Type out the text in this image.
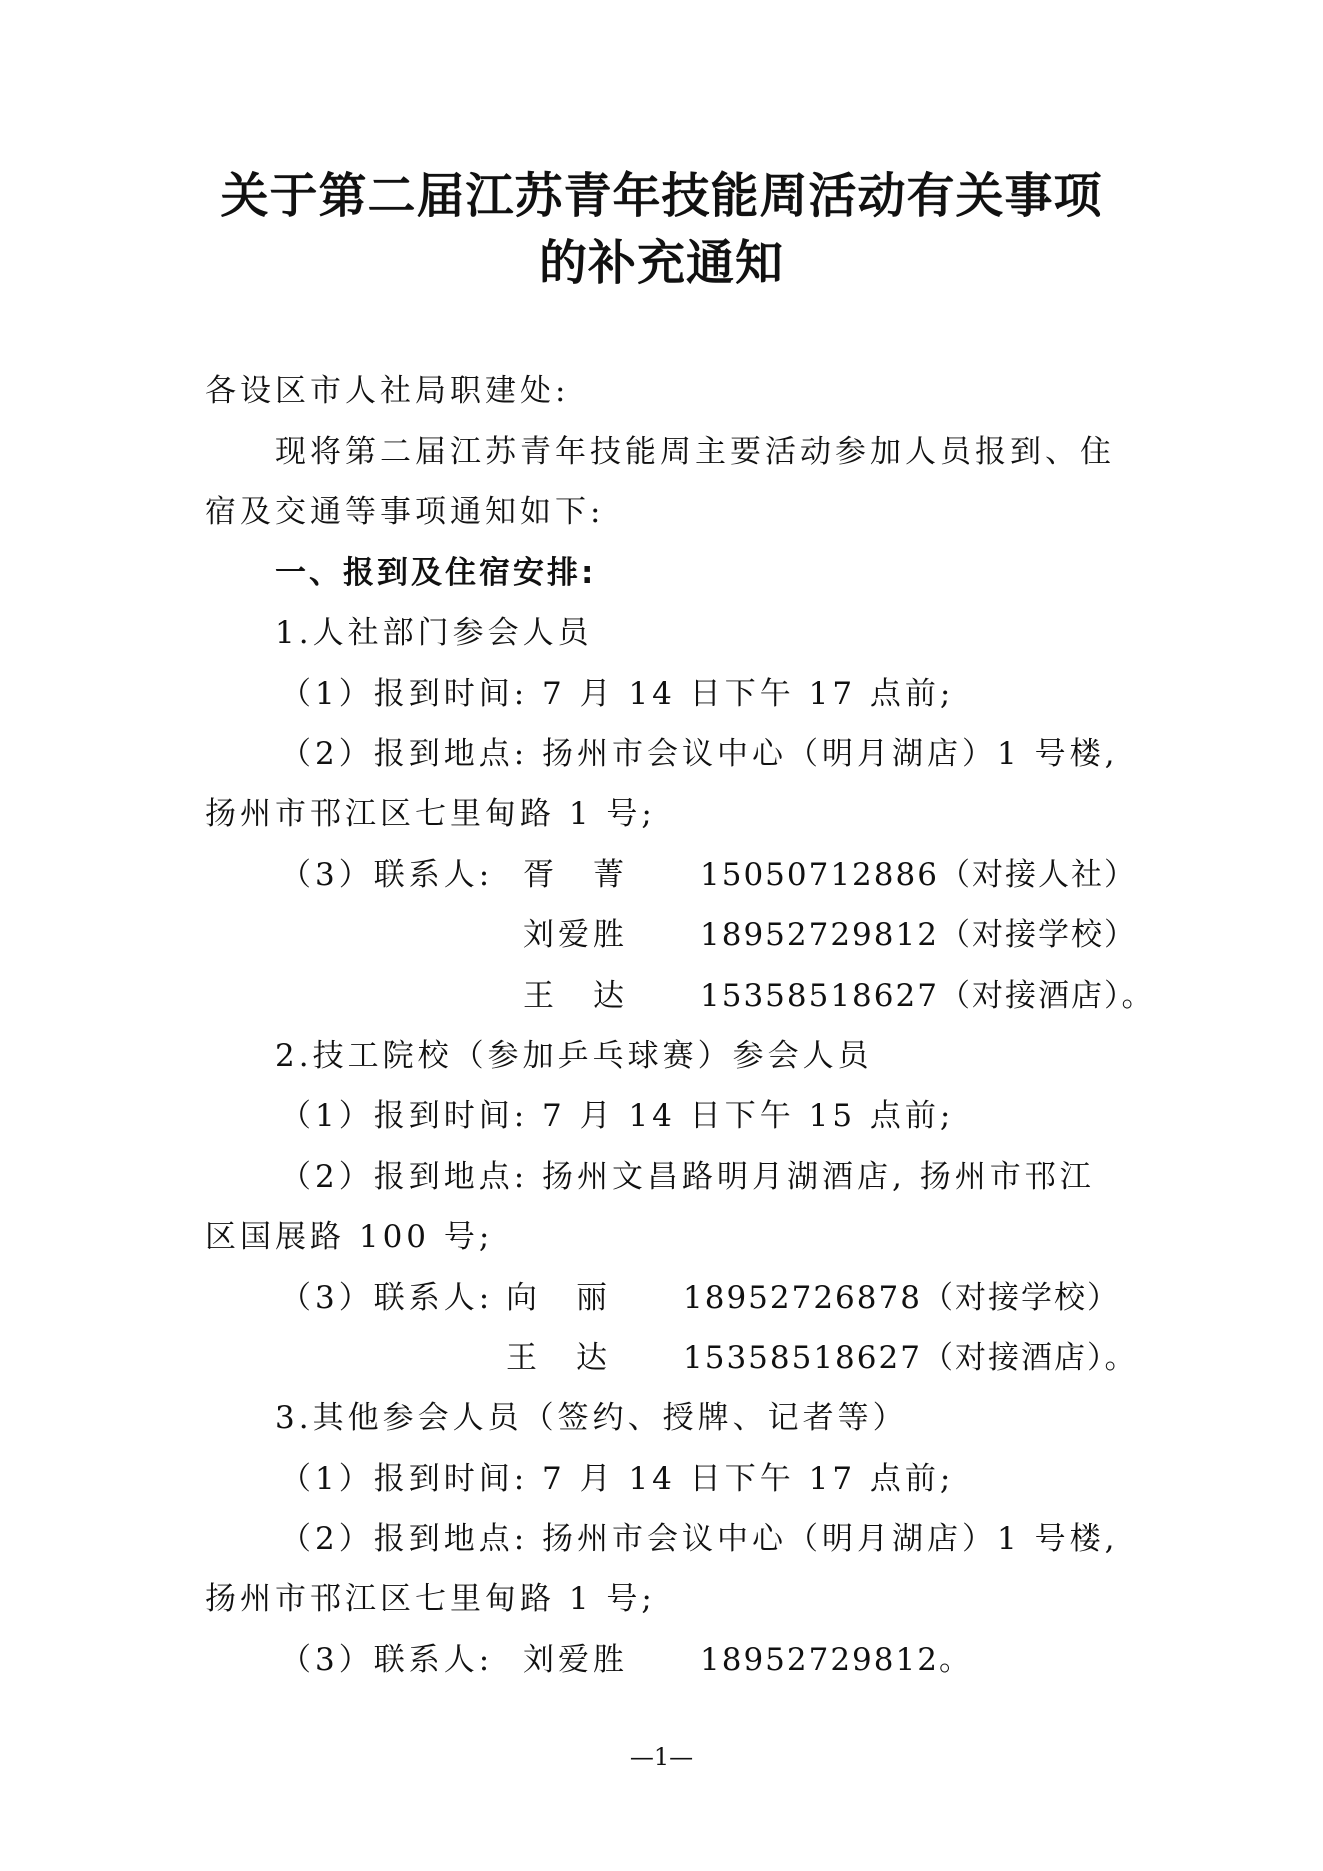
关于第二届江苏青年技能周活动有关事项
的补充通知
各设区市人社局职建处:
现将第二届江苏青年技能周主要活动参加人员报到、住
宿及交通等事项通知如下:
一、报到及住宿安排:
1.人社部门参会人员
（1）报到时间: 7 月 14 日下午 17 点前;
（2）报到地点: 扬州市会议中心（明月湖店）1 号楼,
扬州市邗江区七里甸路 1 号;
（3）联系人: 胥　菁 15050712886（对接人社）
刘爱胜 18952729812（对接学校）
王　达 15358518627（对接酒店）。
2.技工院校（参加乒乓球赛）参会人员
（1）报到时间: 7 月 14 日下午 15 点前;
（2）报到地点: 扬州文昌路明月湖酒店, 扬州市邗江
区国展路 100 号;
（3）联系人: 向　丽 18952726878（对接学校）
王　达 15358518627（对接酒店）。
3.其他参会人员（签约、授牌、记者等）
（1）报到时间: 7 月 14 日下午 17 点前;
（2）报到地点: 扬州市会议中心（明月湖店）1 号楼,
扬州市邗江区七里甸路 1 号;
（3）联系人: 刘爱胜 18952729812。
—1—
